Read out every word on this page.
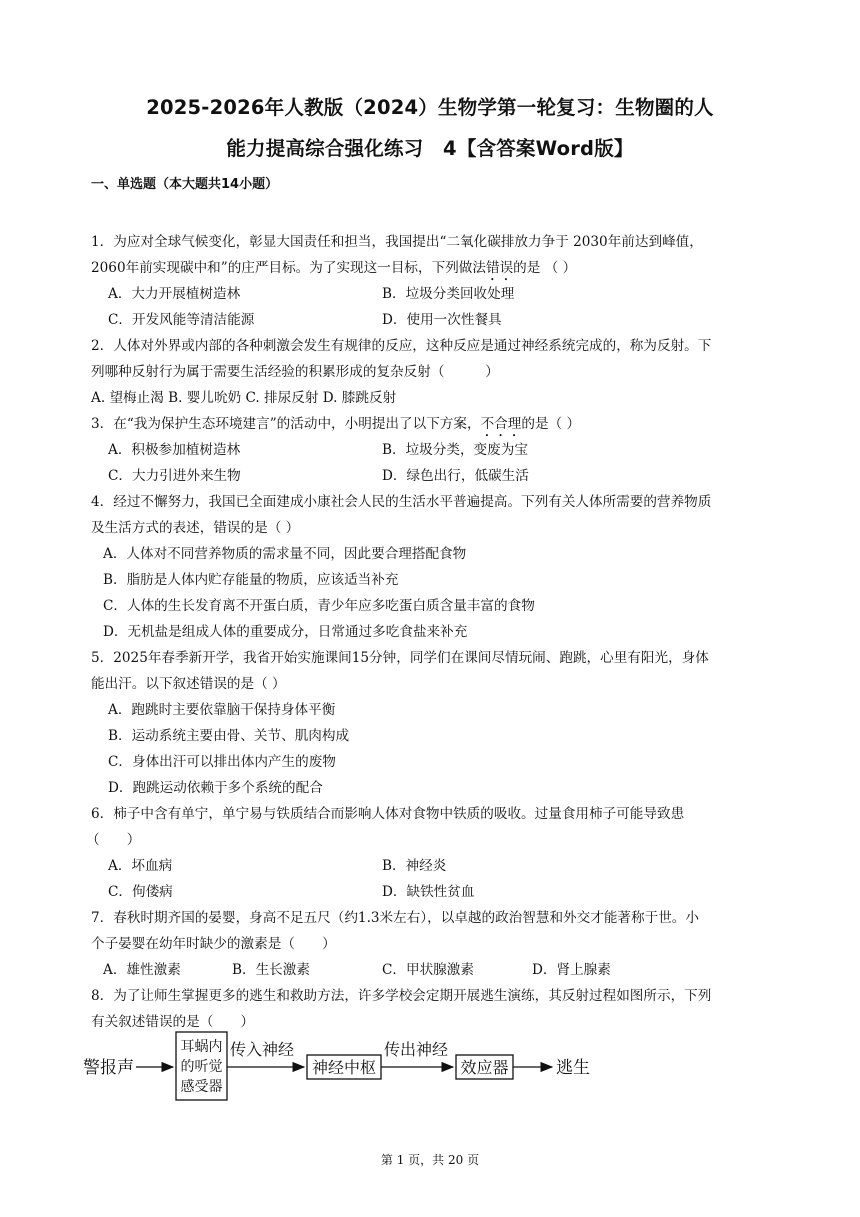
2025-2026年人教版（2024）生物学第一轮复习：生物圈的人
能力提高综合强化练习　4【含答案Word版】
一、单选题（本大题共14小题）
1．为应对全球气候变化，彰显大国责任和担当，我国提出“二氧化碳排放力争于 2030年前达到峰值，
2060年前实现碳中和”的庄严目标。为了实现这一目标，下列做法错误的是 （ ）
A．大力开展植树造林	B．垃圾分类回收处理
C．开发风能等清洁能源	D．使用一次性餐具
2．人体对外界或内部的各种刺激会发生有规律的反应，这种反应是通过神经系统完成的，称为反射。下
列哪种反射行为属于需要生活经验的积累形成的复杂反射（　　　）
A. 望梅止渴 B. 婴儿吮奶 C. 排尿反射 D. 膝跳反射
3．在“我为保护生态环境建言”的活动中，小明提出了以下方案，不合理的是（ ）
A．积极参加植树造林	B．垃圾分类，变废为宝
C．大力引进外来生物	D．绿色出行，低碳生活
4．经过不懈努力，我国已全面建成小康社会人民的生活水平普遍提高。下列有关人体所需要的营养物质
及生活方式的表述，错误的是（ ）
A．人体对不同营养物质的需求量不同，因此要合理搭配食物
B．脂肪是人体内贮存能量的物质，应该适当补充
C．人体的生长发育离不开蛋白质，青少年应多吃蛋白质含量丰富的食物
D．无机盐是组成人体的重要成分，日常通过多吃食盐来补充
5．2025年春季新开学，我省开始实施课间15分钟，同学们在课间尽情玩闹、跑跳，心里有阳光，身体
能出汗。以下叙述错误的是（ ）
A．跑跳时主要依靠脑干保持身体平衡
B．运动系统主要由骨、关节、肌肉构成
C．身体出汗可以排出体内产生的废物
D．跑跳运动依赖于多个系统的配合
6．柿子中含有单宁，单宁易与铁质结合而影响人体对食物中铁质的吸收。过量食用柿子可能导致患
（　　）
A．坏血病	B．神经炎
C．佝偻病	D．缺铁性贫血
7．春秋时期齐国的晏婴，身高不足五尺（约1.3米左右），以卓越的政治智慧和外交才能著称于世。小
个子晏婴在幼年时缺少的激素是（　　）
A．雄性激素	B．生长激素	C．甲状腺激素	D．肾上腺素
8．为了让师生掌握更多的逃生和救助方法，许多学校会定期开展逃生演练，其反射过程如图所示，下列
有关叙述错误的是（　　）
警报声
耳蜗内
的听觉
感受器
传入神经
神经中枢
传出神经
效应器	逃生
第 1 页，共 20 页
